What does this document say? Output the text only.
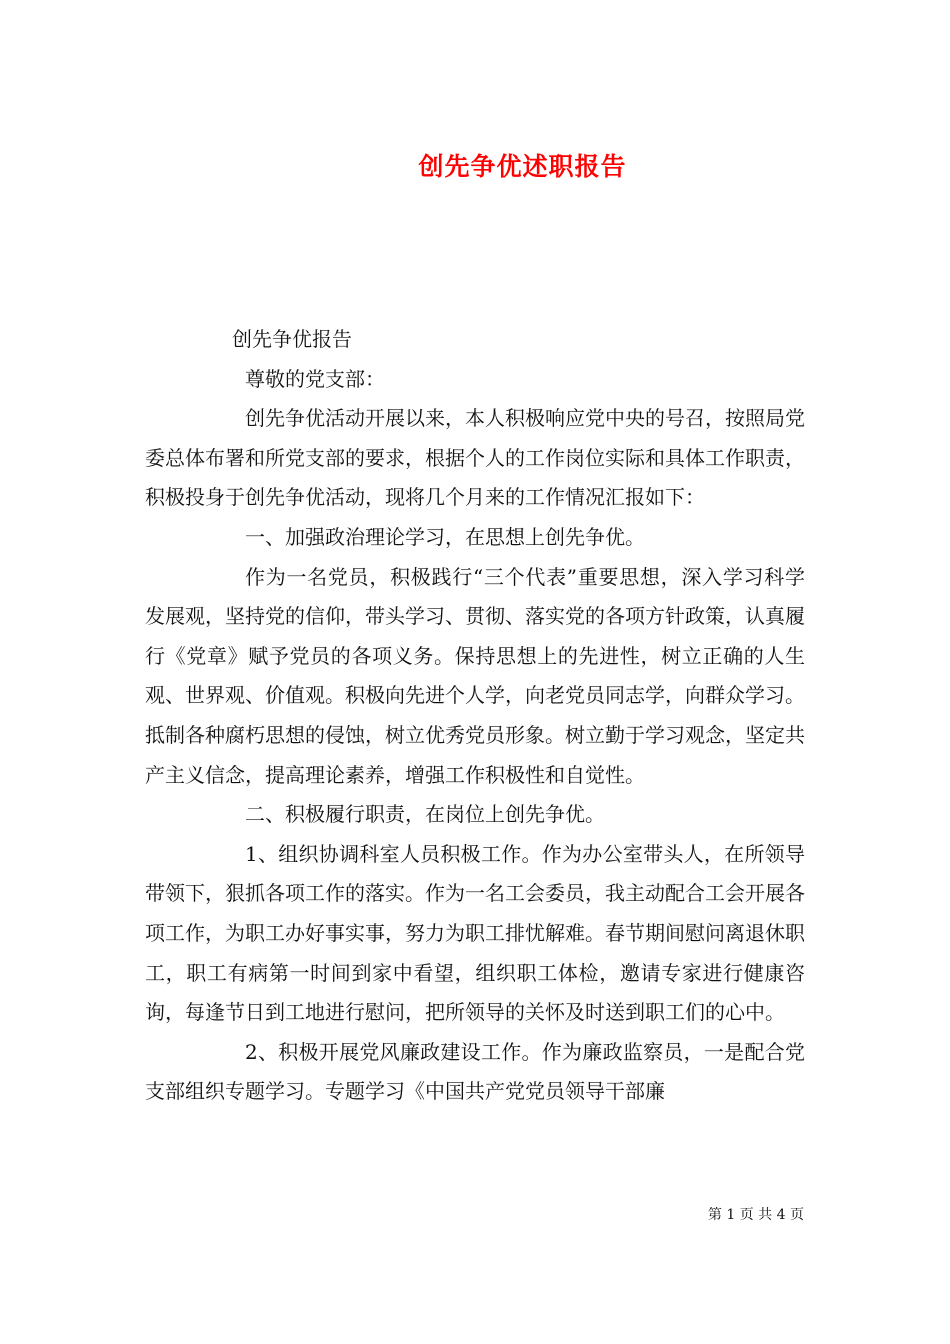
创先争优述职报告

创先争优报告

尊敬的党支部：

创先争优活动开展以来，本人积极响应党中央的号召，按照局党委总体布署和所党支部的要求，根据个人的工作岗位实际和具体工作职责，积极投身于创先争优活动，现将几个月来的工作情况汇报如下：

一、加强政治理论学习，在思想上创先争优。

作为一名党员，积极践行“三个代表”重要思想，深入学习科学发展观，坚持党的信仰，带头学习、贯彻、落实党的各项方针政策，认真履行《党章》赋予党员的各项义务。保持思想上的先进性，树立正确的人生观、世界观、价值观。积极向先进个人学，向老党员同志学，向群众学习。抵制各种腐朽思想的侵蚀，树立优秀党员形象。树立勤于学习观念，坚定共产主义信念，提高理论素养，增强工作积极性和自觉性。

二、积极履行职责，在岗位上创先争优。

1、组织协调科室人员积极工作。作为办公室带头人，在所领导带领下，狠抓各项工作的落实。作为一名工会委员，我主动配合工会开展各项工作，为职工办好事实事，努力为职工排忧解难。春节期间慰问离退休职工，职工有病第一时间到家中看望，组织职工体检，邀请专家进行健康咨询，每逢节日到工地进行慰问，把所领导的关怀及时送到职工们的心中。

2、积极开展党风廉政建设工作。作为廉政监察员，一是配合党支部组织专题学习。专题学习《中国共产党党员领导干部廉

第 1 页 共 4 页
